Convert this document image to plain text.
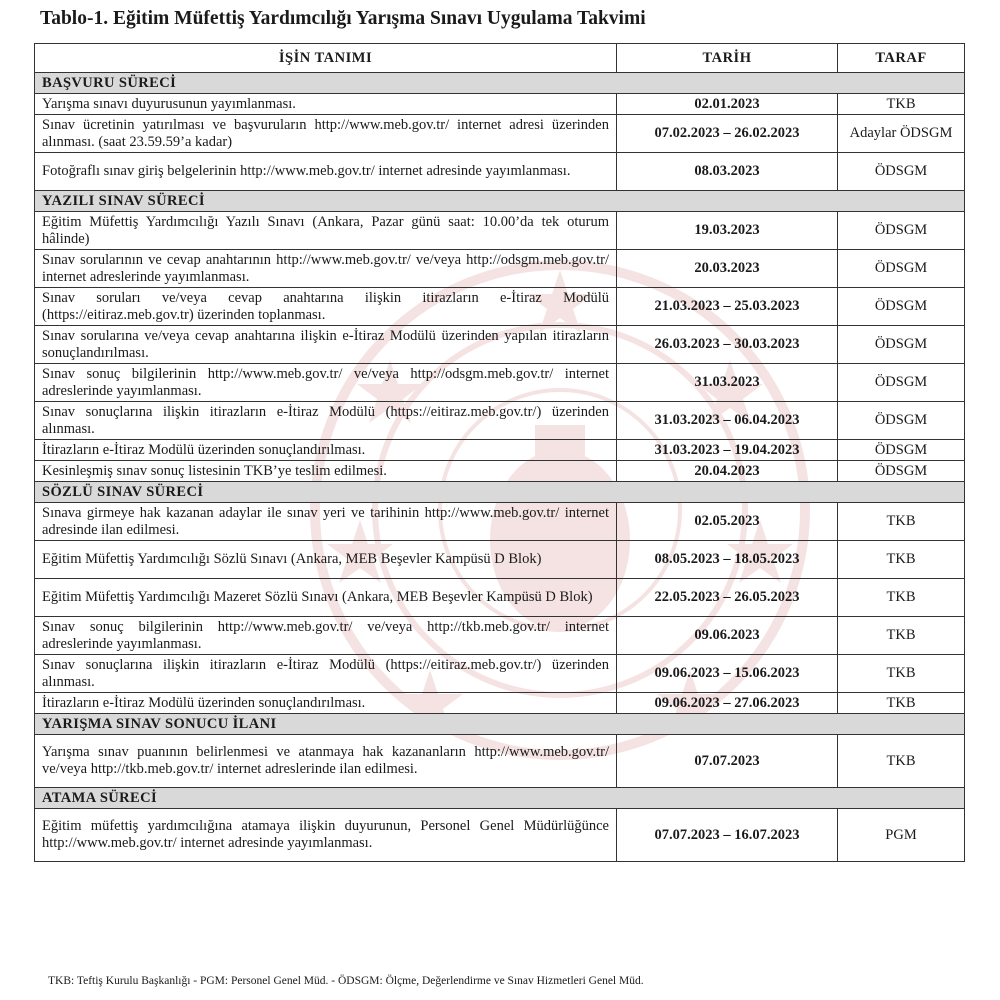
Tablo-1. Eğitim Müfettiş Yardımcılığı Yarışma Sınavı Uygulama Takvimi
İŞİN TANIMI	TARİH	TARAF
BAŞVURU SÜRECİ		
Yarışma sınavı duyurusunun yayımlanması.	02.01.2023	TKB
Sınav ücretinin yatırılması ve başvuruların http://www.meb.gov.tr/ internet adresi üzerinden alınması. (saat 23.59.59’a kadar)	07.02.2023 – 26.02.2023	Adaylar ÖDSGM
Fotoğraflı sınav giriş belgelerinin http://www.meb.gov.tr/ internet adresinde yayımlanması.	08.03.2023	ÖDSGM
YAZILI SINAV SÜRECİ		
Eğitim Müfettiş Yardımcılığı Yazılı Sınavı (Ankara, Pazar günü saat: 10.00’da tek oturum hâlinde)	19.03.2023	ÖDSGM
Sınav sorularının ve cevap anahtarının http://www.meb.gov.tr/ ve/veya http://odsgm.meb.gov.tr/ internet adreslerinde yayımlanması.	20.03.2023	ÖDSGM
Sınav soruları ve/veya cevap anahtarına ilişkin itirazların e-İtiraz Modülü (https://eitiraz.meb.gov.tr) üzerinden toplanması.	21.03.2023 – 25.03.2023	ÖDSGM
Sınav sorularına ve/veya cevap anahtarına ilişkin e-İtiraz Modülü üzerinden yapılan itirazların sonuçlandırılması.	26.03.2023 – 30.03.2023	ÖDSGM
Sınav sonuç bilgilerinin http://www.meb.gov.tr/ ve/veya http://odsgm.meb.gov.tr/ internet adreslerinde yayımlanması.	31.03.2023	ÖDSGM
Sınav sonuçlarına ilişkin itirazların e-İtiraz Modülü (https://eitiraz.meb.gov.tr/) üzerinden alınması.	31.03.2023 – 06.04.2023	ÖDSGM
İtirazların e-İtiraz Modülü üzerinden sonuçlandırılması.	31.03.2023 – 19.04.2023	ÖDSGM
Kesinleşmiş sınav sonuç listesinin TKB’ye teslim edilmesi.	20.04.2023	ÖDSGM
SÖZLÜ SINAV SÜRECİ		
Sınava girmeye hak kazanan adaylar ile sınav yeri ve tarihinin http://www.meb.gov.tr/ internet adresinde ilan edilmesi.	02.05.2023	TKB
Eğitim Müfettiş Yardımcılığı Sözlü Sınavı (Ankara, MEB Beşevler Kampüsü D Blok)	08.05.2023 – 18.05.2023	TKB
Eğitim Müfettiş Yardımcılığı Mazeret Sözlü Sınavı (Ankara, MEB Beşevler Kampüsü D Blok)	22.05.2023 – 26.05.2023	TKB
Sınav sonuç bilgilerinin http://www.meb.gov.tr/ ve/veya http://tkb.meb.gov.tr/ internet adreslerinde yayımlanması.	09.06.2023	TKB
Sınav sonuçlarına ilişkin itirazların e-İtiraz Modülü (https://eitiraz.meb.gov.tr/) üzerinden alınması.	09.06.2023 – 15.06.2023	TKB
İtirazların e-İtiraz Modülü üzerinden sonuçlandırılması.	09.06.2023 – 27.06.2023	TKB
YARIŞMA SINAV SONUCU İLANI		
Yarışma sınav puanının belirlenmesi ve atanmaya hak kazananların http://www.meb.gov.tr/ ve/veya http://tkb.meb.gov.tr/ internet adreslerinde ilan edilmesi.	07.07.2023	TKB
ATAMA SÜRECİ		
Eğitim müfettiş yardımcılığına atamaya ilişkin duyurunun, Personel Genel Müdürlüğünce http://www.meb.gov.tr/ internet adresinde yayımlanması.	07.07.2023 – 16.07.2023	PGM
TKB: Teftiş Kurulu Başkanlığı - PGM: Personel Genel Müd. - ÖDSGM: Ölçme, Değerlendirme ve Sınav Hizmetleri Genel Müd.
